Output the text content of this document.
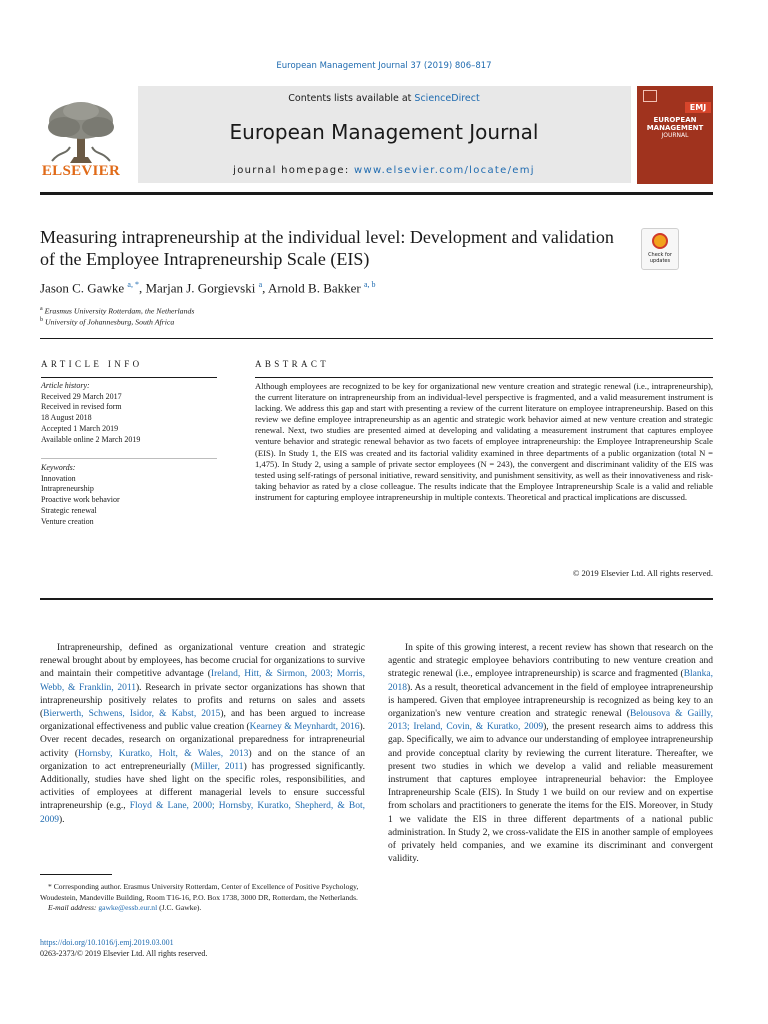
European Management Journal 37 (2019) 806–817
Contents lists available at ScienceDirect
European Management Journal
journal homepage: www.elsevier.com/locate/emj
ELSEVIER
EMJ
EUROPEAN
MANAGEMENT
JOURNAL
Measuring intrapreneurship at the individual level: Development and validation of the Employee Intrapreneurship Scale (EIS)	Check for updates
Jason C. Gawke $^{a, *}$, Marjan J. Gorgievski $^a$, Arnold B. Bakker $^{a, b}$
$^a$ Erasmus University Rotterdam, the Netherlands
$^b$ University of Johannesburg, South Africa
ARTICLE INFO
Article history:
Received 29 March 2017
Received in revised form
18 August 2018
Accepted 1 March 2019
Available online 2 March 2019
Keywords:
Innovation
Intrapreneurship
Proactive work behavior
Strategic renewal
Venture creation
ABSTRACT
Although employees are recognized to be key for organizational new venture creation and strategic renewal (i.e., intrapreneurship), the current literature on intrapreneurship from an individual-level perspective is fragmented, and a valid measurement instrument is lacking. We address this gap and start with presenting a review of the current literature on employee intrapreneurship. Based on this review we define employee intrapreneurship as an agentic and strategic work behavior aimed at new venture creation and strategic renewal. Next, two studies are presented aimed at developing and validating a measurement instrument that captures employee venture behavior and strategic renewal behavior as two facets of employee intrapreneurship: the Employee Intrapreneurship Scale (EIS). In Study 1, the EIS was created and its factorial validity examined in three departments of a public organization (total N = 1,475). In Study 2, using a sample of private sector employees (N = 243), the convergent and discriminant validity of the EIS was tested using self-ratings of personal initiative, reward sensitivity, and punishment sensitivity, as well as their innovativeness and risk-taking behavior as rated by a close colleague. The results indicate that the Employee Intrapreneurship Scale is a valid and reliable instrument for capturing employee intrapreneurship in multiple contexts. Theoretical and practical implications are discussed.
© 2019 Elsevier Ltd. All rights reserved.

Intrapreneurship, defined as organizational venture creation and strategic renewal brought about by employees, has become crucial for organizations to survive and maintain their competitive advantage (Ireland, Hitt, & Sirmon, 2003; Morris, Webb, & Franklin, 2011). Research in private sector organizations has shown that intrapreneurship positively relates to profits and returns on sales and assets (Bierwerth, Schwens, Isidor, & Kabst, 2015), and has been argued to increase organizational effectiveness and public value creation (Kearney & Meynhardt, 2016). Over recent decades, research on organizational preparedness for intrapreneurial activity (Hornsby, Kuratko, Holt, & Wales, 2013) and on the stance of an organization to act entrepreneurially (Miller, 2011) has progressed significantly. Additionally, studies have shed light on the specific roles, responsibilities, and activities of employees at different managerial levels to ensure successful intrapreneurship (e.g., Floyd & Lane, 2000; Hornsby, Kuratko, Shepherd, & Bot, 2009).

In spite of this growing interest, a recent review has shown that research on the agentic and strategic employee behaviors contributing to new venture creation and strategic renewal (i.e., employee intrapreneurship) is scarce and fragmented (Blanka, 2018). As a result, theoretical advancement in the field of employee intrapreneurship is hampered. Given that employee intrapreneurship is recognized as being key to an organization's new venture creation and strategic renewal (Belousova & Gailly, 2013; Ireland, Covin, & Kuratko, 2009), the present research aims to address this gap. Specifically, we aim to advance our understanding of employee intrapreneurship and provide conceptual clarity by reviewing the current literature. Thereafter, we present two studies in which we develop a valid and reliable measurement instrument that captures employee intrapreneurial behavior: the Employee Intrapreneurship Scale (EIS). In Study 1 we build on our review and on expertise from scholars and practitioners to generate the items for the EIS. Moreover, in Study 1 we validate the EIS in three different departments of a national public administration. In Study 2, we cross-validate the EIS in another sample of employees of privately held companies, and we examine its discriminant and convergent validity.

* Corresponding author. Erasmus University Rotterdam, Center of Excellence of Positive Psychology, Woudestein, Mandeville Building, Room T16-16, P.O. Box 1738, 3000 DR, Rotterdam, the Netherlands.

E-mail address: gawke@essb.eur.nl (J.C. Gawke).

https://doi.org/10.1016/j.emj.2019.03.001
0263-2373/© 2019 Elsevier Ltd. All rights reserved.
